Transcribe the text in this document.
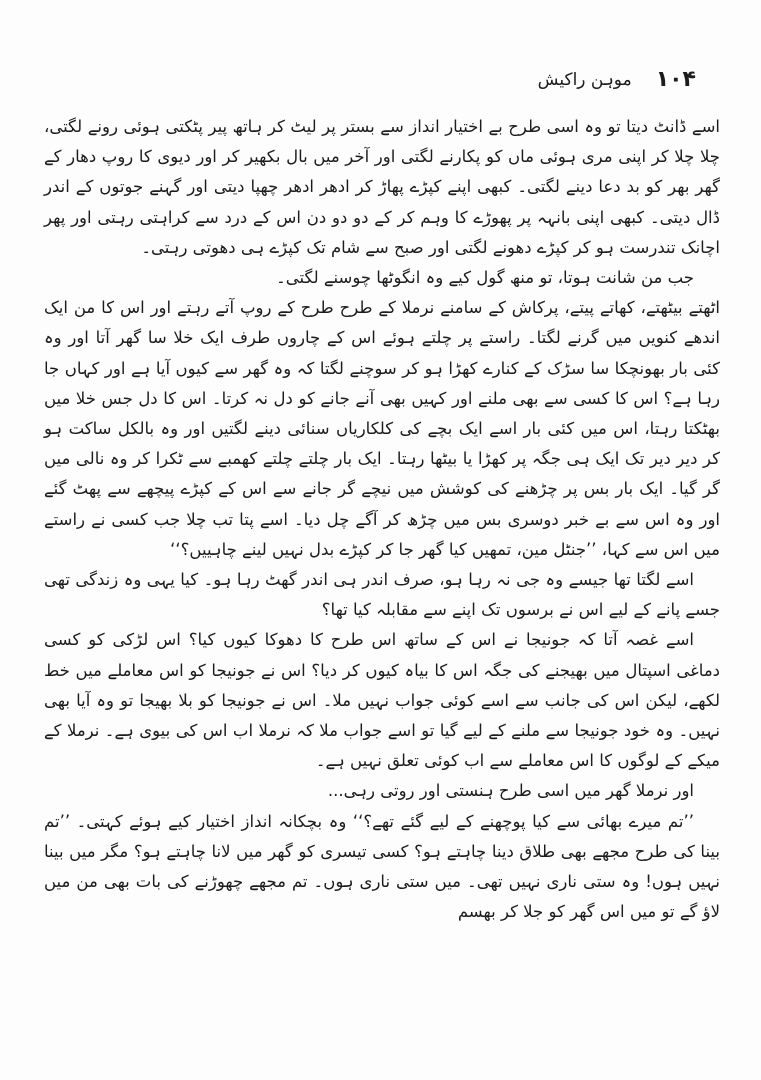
۱۰۴
موہن راکیش

اسے ڈانٹ دیتا تو وہ اسی طرح بے اختیار انداز سے بستر پر لیٹ کر ہاتھ پیر پٹکتی ہوئی رونے لگتی، چلا چلا کر اپنی مری ہوئی ماں کو پکارنے لگتی اور آخر میں بال بکھیر کر اور دیوی کا روپ دھار کے گھر بھر کو بد دعا دینے لگتی۔ کبھی اپنے کپڑے پھاڑ کر ادھر ادھر چھپا دیتی اور گہنے جوتوں کے اندر ڈال دیتی۔ کبھی اپنی بانہہ پر پھوڑے کا وہم کر کے دو دو دن اس کے درد سے کراہتی رہتی اور پھر اچانک تندرست ہو کر کپڑے دھونے لگتی اور صبح سے شام تک کپڑے ہی دھوتی رہتی۔

جب من شانت ہوتا، تو منھ گول کیے وہ انگوٹھا چوسنے لگتی۔

اٹھتے بیٹھتے، کھاتے پیتے، پرکاش کے سامنے نرملا کے طرح طرح کے روپ آتے رہتے اور اس کا من ایک اندھے کنویں میں گرنے لگتا۔ راستے پر چلتے ہوئے اس کے چاروں طرف ایک خلا سا گھر آتا اور وہ کئی بار بھونچکا سا سڑک کے کنارے کھڑا ہو کر سوچنے لگتا کہ وہ گھر سے کیوں آیا ہے اور کہاں جا رہا ہے؟ اس کا کسی سے بھی ملنے اور کہیں بھی آنے جانے کو دل نہ کرتا۔ اس کا دل جس خلا میں بھٹکتا رہتا، اس میں کئی بار اسے ایک بچے کی کلکاریاں سنائی دینے لگتیں اور وہ بالکل ساکت ہو کر دیر دیر تک ایک ہی جگہ پر کھڑا یا بیٹھا رہتا۔ ایک بار چلتے چلتے کھمبے سے ٹکرا کر وہ نالی میں گر گیا۔ ایک بار بس پر چڑھنے کی کوشش میں نیچے گر جانے سے اس کے کپڑے پیچھے سے پھٹ گئے اور وہ اس سے بے خبر دوسری بس میں چڑھ کر آگے چل دیا۔ اسے پتا تب چلا جب کسی نے راستے میں اس سے کہا، ’’جنٹل مین، تمھیں کیا گھر جا کر کپڑے بدل نہیں لینے چاہییں؟‘‘

اسے لگتا تھا جیسے وہ جی نہ رہا ہو، صرف اندر ہی اندر گھٹ رہا ہو۔ کیا یہی وہ زندگی تھی جسے پانے کے لیے اس نے برسوں تک اپنے سے مقابلہ کیا تھا؟

اسے غصہ آتا کہ جونیجا نے اس کے ساتھ اس طرح کا دھوکا کیوں کیا؟ اس لڑکی کو کسی دماغی اسپتال میں بھیجنے کی جگہ اس کا بیاہ کیوں کر دیا؟ اس نے جونیجا کو اس معاملے میں خط لکھے، لیکن اس کی جانب سے اسے کوئی جواب نہیں ملا۔ اس نے جونیجا کو بلا بھیجا تو وہ آیا بھی نہیں۔ وہ خود جونیجا سے ملنے کے لیے گیا تو اسے جواب ملا کہ نرملا اب اس کی بیوی ہے۔ نرملا کے میکے کے لوگوں کا اس معاملے سے اب کوئی تعلق نہیں ہے۔

اور نرملا گھر میں اسی طرح ہنستی اور روتی رہی...

’’تم میرے بھائی سے کیا پوچھنے کے لیے گئے تھے؟‘‘ وہ بچکانہ انداز اختیار کیے ہوئے کہتی۔ ’’تم بینا کی طرح مجھے بھی طلاق دینا چاہتے ہو؟ کسی تیسری کو گھر میں لانا چاہتے ہو؟ مگر میں بینا نہیں ہوں! وہ ستی ناری نہیں تھی۔ میں ستی ناری ہوں۔ تم مجھے چھوڑنے کی بات بھی من میں لاؤ گے تو میں اس گھر کو جلا کر بھسم
